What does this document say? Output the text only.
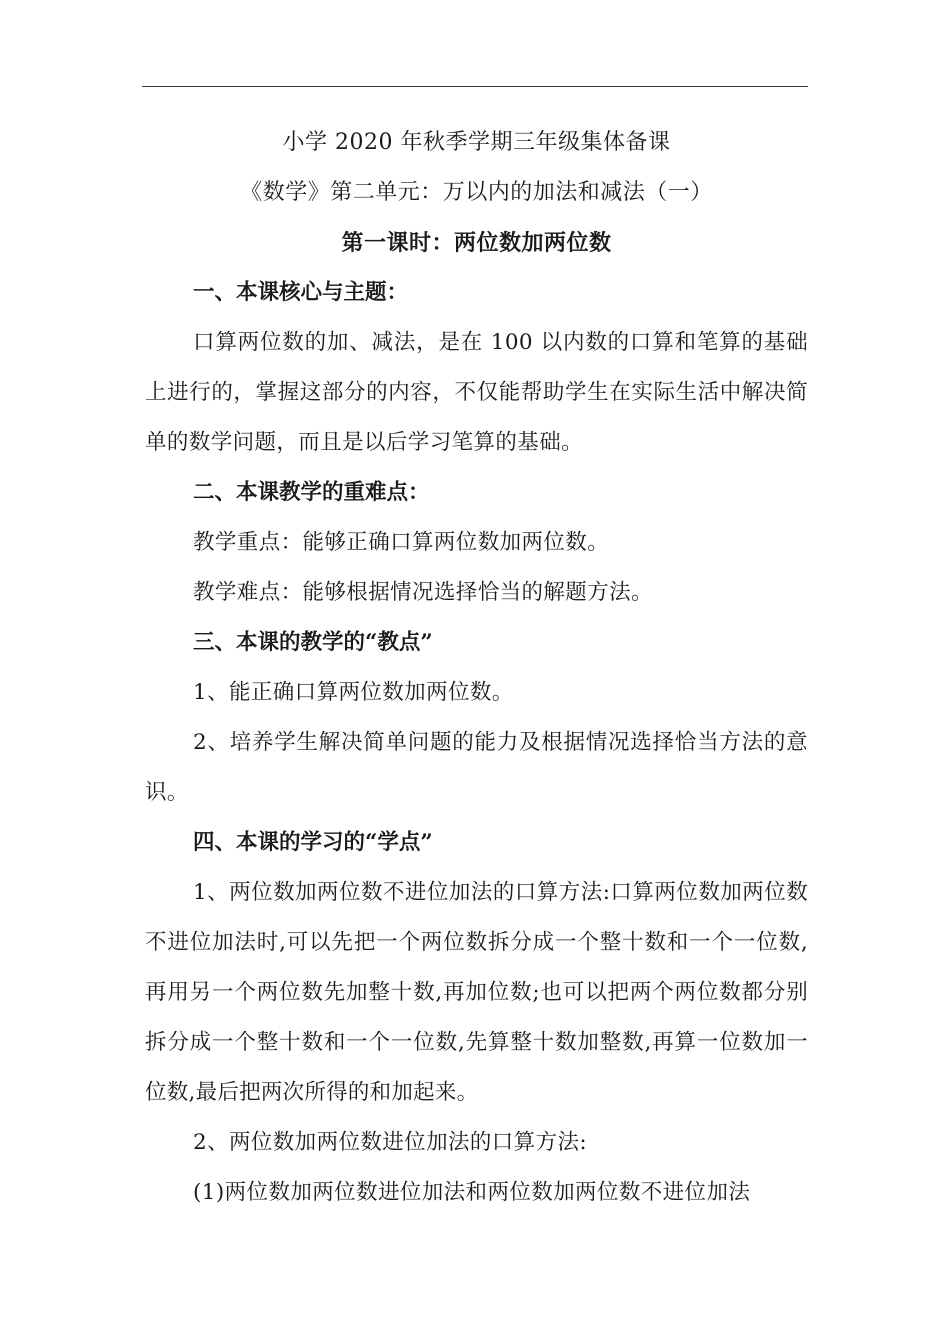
小学 2020 年秋季学期三年级集体备课
《数学》第二单元：万以内的加法和减法（一）
第一课时：两位数加两位数
一、本课核心与主题：
口算两位数的加、减法，是在 100 以内数的口算和笔算的基础上进行的，掌握这部分的内容，不仅能帮助学生在实际生活中解决简单的数学问题，而且是以后学习笔算的基础。
二、本课教学的重难点：
教学重点：能够正确口算两位数加两位数。
教学难点：能够根据情况选择恰当的解题方法。
三、本课的教学的“教点”
1、能正确口算两位数加两位数。
2、培养学生解决简单问题的能力及根据情况选择恰当方法的意识。
四、本课的学习的“学点”
1、两位数加两位数不进位加法的口算方法:口算两位数加两位数不进位加法时,可以先把一个两位数拆分成一个整十数和一个一位数,再用另一个两位数先加整十数,再加位数;也可以把两个两位数都分别拆分成一个整十数和一个一位数,先算整十数加整数,再算一位数加一位数,最后把两次所得的和加起来。
2、两位数加两位数进位加法的口算方法:
(1)两位数加两位数进位加法和两位数加两位数不进位加法
